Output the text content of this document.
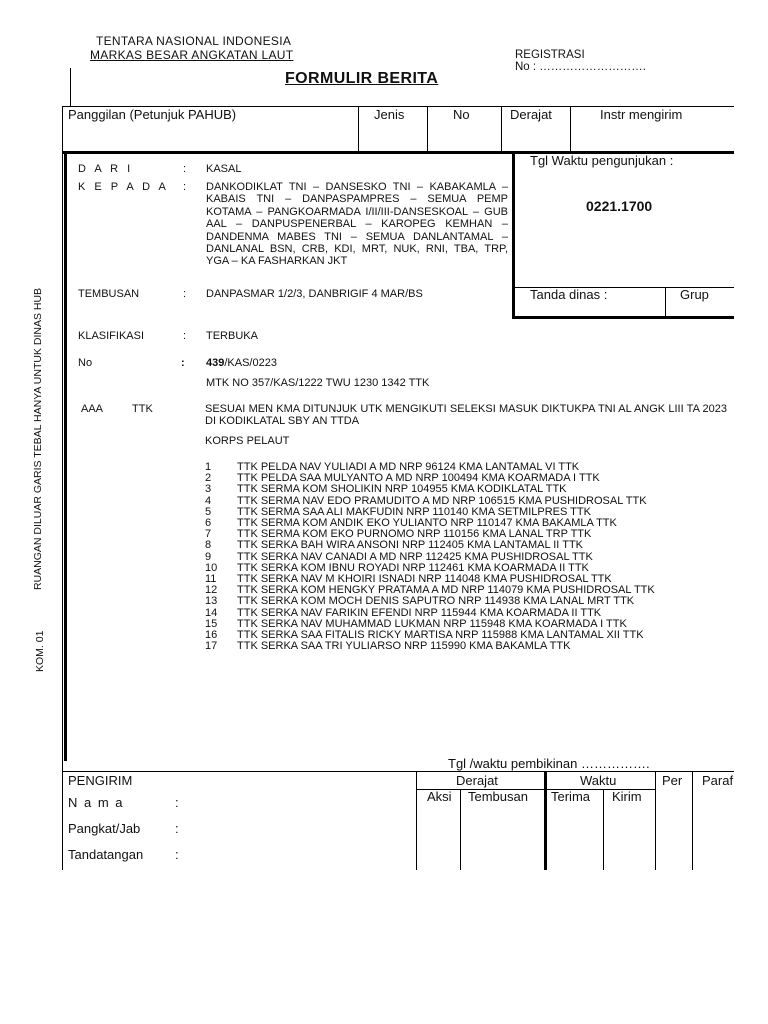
TENTARA NASIONAL INDONESIA
MARKAS BESAR ANGKATAN LAUT	REGISTRASI
No : ……………………….
FORMULIR BERITA
Panggilan (Petunjuk PAHUB)	Jenis	No	Derajat	Instr mengirim
Tgl Waktu pengunjukan :
0221.1700
Tanda dinas :	Grup
D A R I	: KASAL
K E P A D A : DANKODIKLAT TNI – DANSESKO TNI – KABAKAMLA – KABAIS TNI – DANPASPAMPRES – SEMUA PEMP KOTAMA – PANGKOARMADA I/II/III-DANSESKOAL – GUB AAL – DANPUSPENERBAL – KAROPEG KEMHAN – DANDENMA MABES TNI – SEMUA DANLANTAMAL – DANLANAL BSN, CRB, KDI, MRT, NUK, RNI, TBA, TRP, YGA – KA FASHARKAN JKT
TEMBUSAN	: DANPASMAR 1/2/3, DANBRIGIF 4 MAR/BS
KLASIFIKASI	: TERBUKA
No	: 439/KAS/0223
MTK NO 357/KAS/1222 TWU 1230 1342 TTK
AAA	TTK	SESUAI MEN KMA DITUNJUK UTK MENGIKUTI SELEKSI MASUK DIKTUKPA TNI AL ANGK LIII TA 2023 DI KODIKLATAL SBY AN TTDA
KORPS PELAUT
1	TTK PELDA NAV YULIADI A MD NRP 96124 KMA LANTAMAL VI TTK
2	TTK PELDA SAA MULYANTO A MD NRP 100494 KMA KOARMADA I TTK
3	TTK SERMA KOM SHOLIKIN NRP 104955 KMA KODIKLATAL TTK
4	TTK SERMA NAV EDO PRAMUDITO A MD NRP 106515 KMA PUSHIDROSAL TTK
5	TTK SERMA SAA ALI MAKFUDIN NRP 110140 KMA SETMILPRES TTK
6	TTK SERMA KOM ANDIK EKO YULIANTO NRP 110147 KMA BAKAMLA TTK
7	TTK SERMA KOM EKO PURNOMO NRP 110156 KMA LANAL TRP TTK
8	TTK SERKA BAH WIRA ANSONI NRP 112405 KMA LANTAMAL II TTK
9	TTK SERKA NAV CANADI A MD NRP 112425 KMA PUSHIDROSAL TTK
10	TTK SERKA KOM IBNU ROYADI NRP 112461 KMA KOARMADA II TTK
11	TTK SERKA NAV M KHOIRI ISNADI NRP 114048 KMA PUSHIDROSAL TTK
12	TTK SERKA KOM HENGKY PRATAMA A MD NRP 114079 KMA PUSHIDROSAL TTK
13	TTK SERKA KOM MOCH DENIS SAPUTRO NRP 114938 KMA LANAL MRT TTK
14	TTK SERKA NAV FARIKIN EFENDI NRP 115944 KMA KOARMADA II TTK
15	TTK SERKA NAV MUHAMMAD LUKMAN NRP 115948 KMA KOARMADA I TTK
16	TTK SERKA SAA FITALIS RICKY MARTISA NRP 115988 KMA LANTAMAL XII TTK
17	TTK SERKA SAA TRI YULIARSO NRP 115990 KMA BAKAMLA TTK
RUANGAN DILUAR GARIS TEBAL HANYA UNTUK DINAS HUB
KOM. 01
Tgl /waktu pembikinan …………….
PENGIRIM
N a m a	:
Pangkat/Jab	:
Tandatangan :
Derajat
Aksi Tembusan
Waktu
Terima Kirim
Per Paraf
